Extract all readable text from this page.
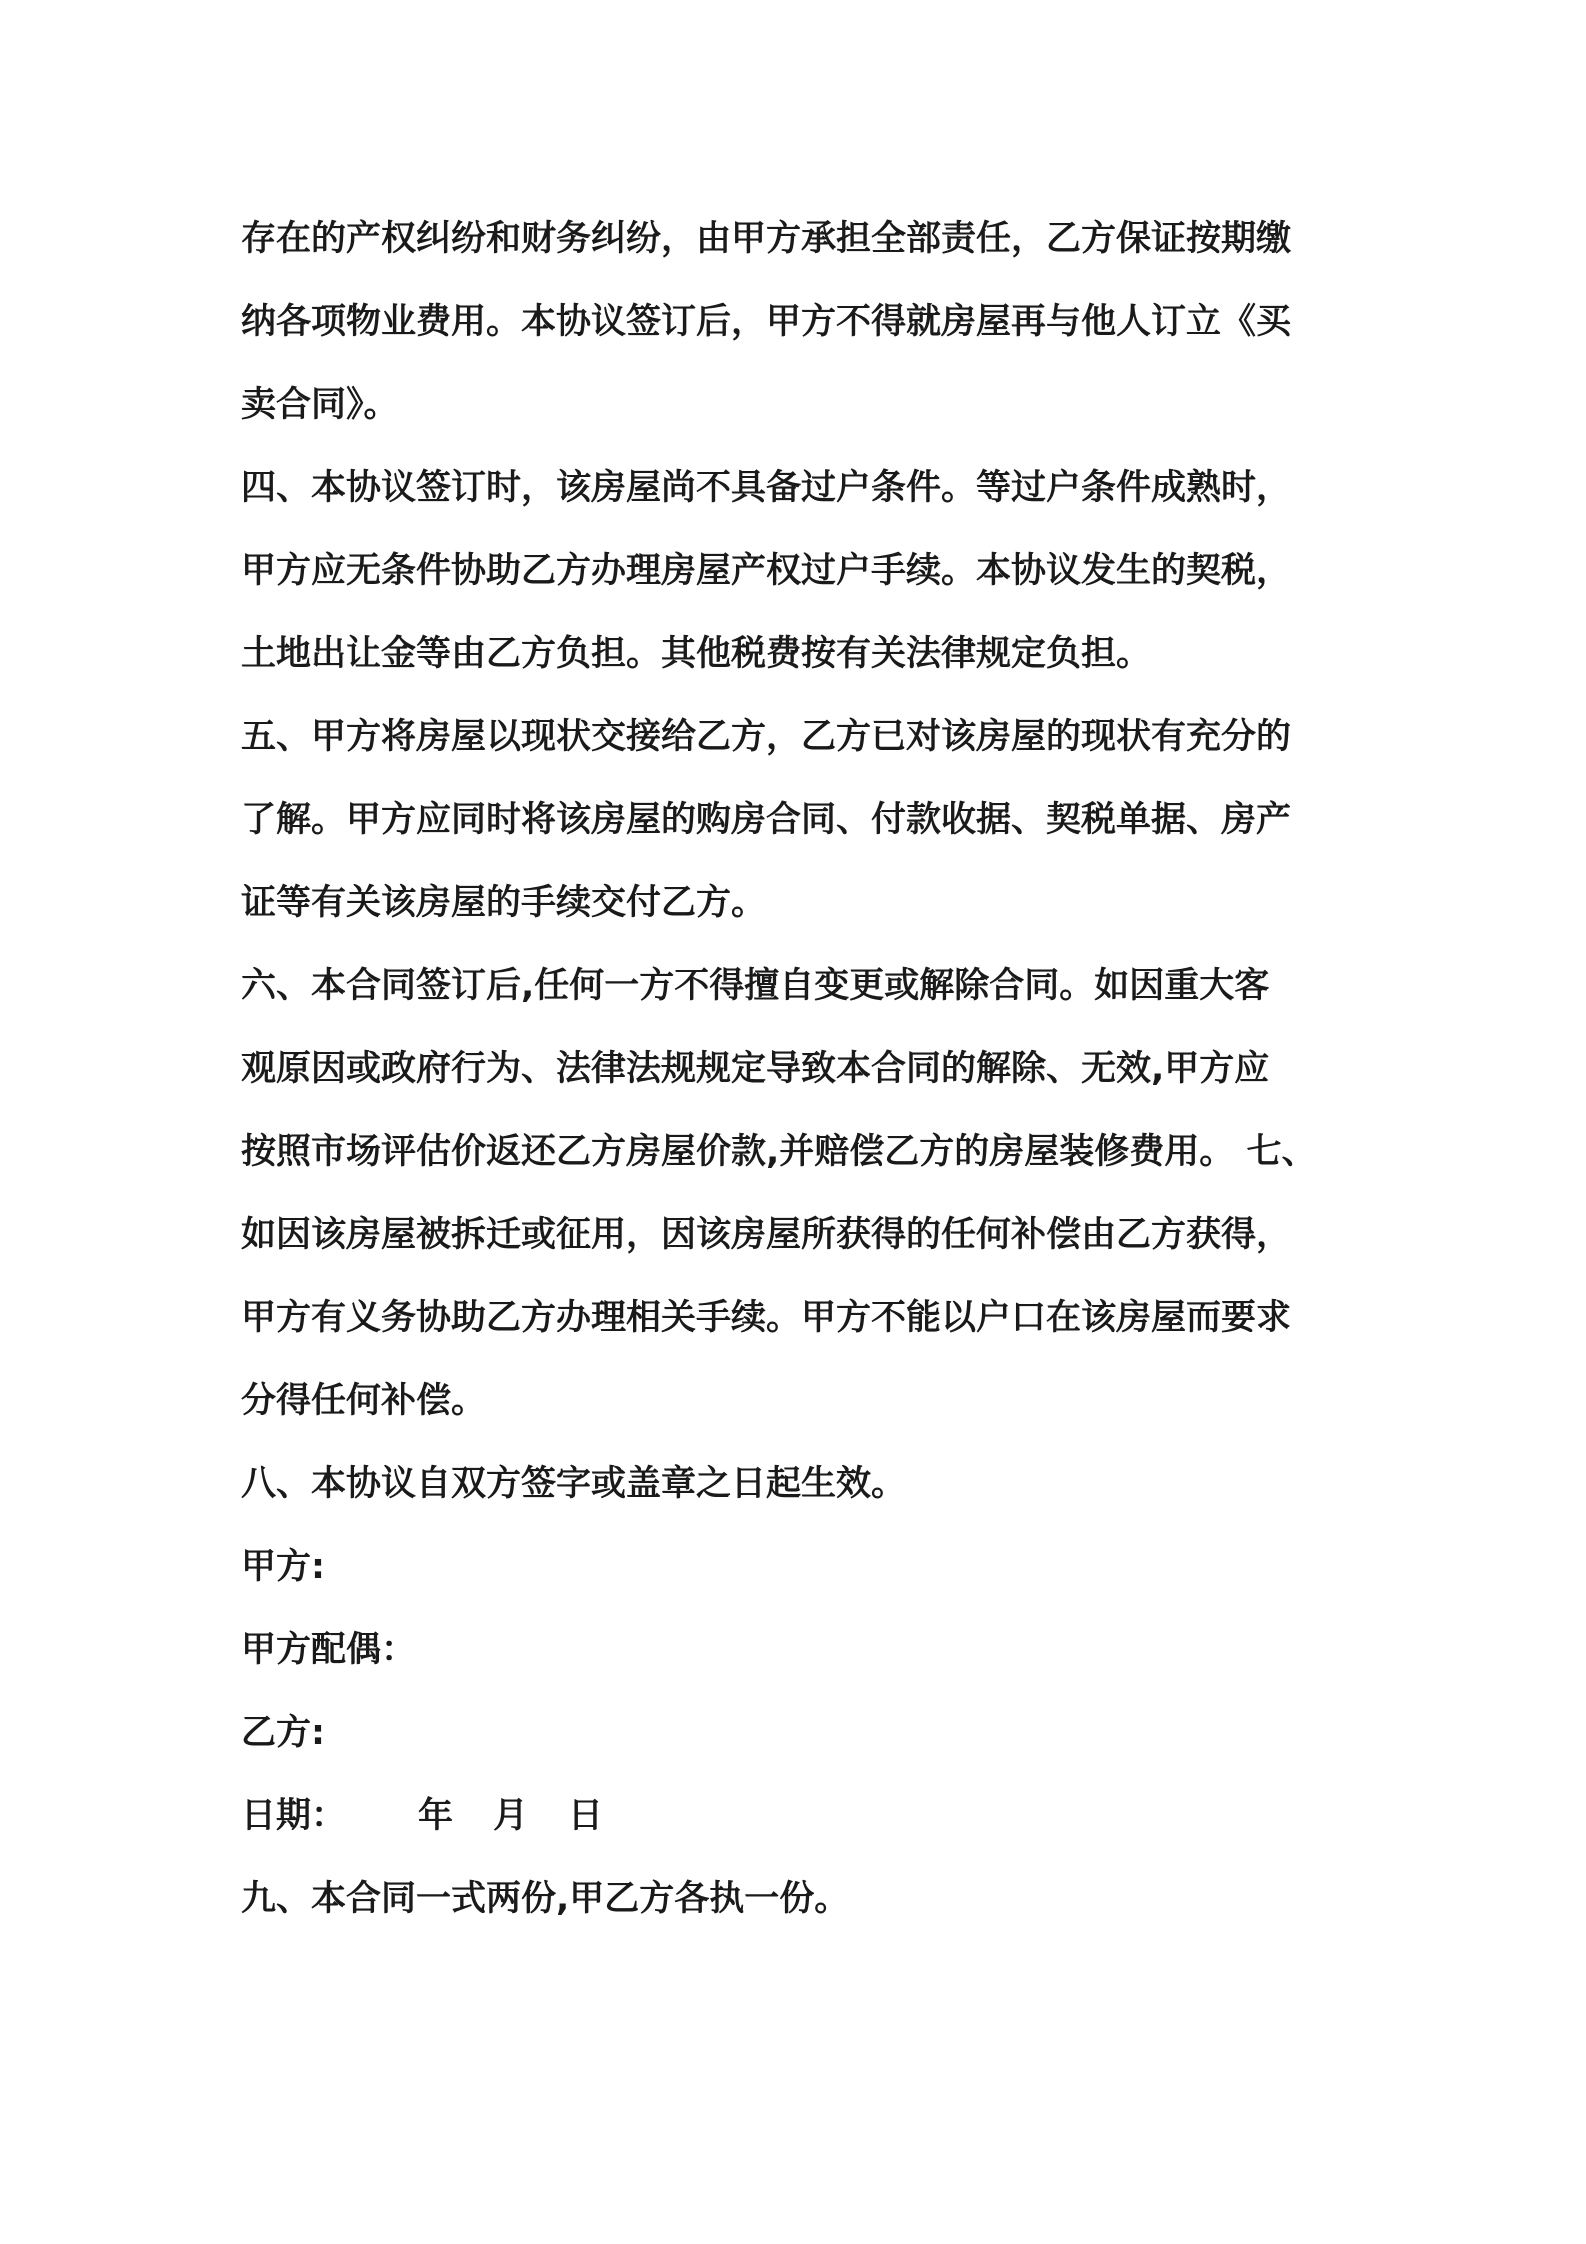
存在的产权纠纷和财务纠纷，由甲方承担全部责任，乙方保证按期缴
纳各项物业费用。本协议签订后，甲方不得就房屋再与他人订立《买
卖合同》。
四、本协议签订时，该房屋尚不具备过户条件。等过户条件成熟时，
甲方应无条件协助乙方办理房屋产权过户手续。本协议发生的契税，
土地出让金等由乙方负担。其他税费按有关法律规定负担。
五、甲方将房屋以现状交接给乙方，乙方已对该房屋的现状有充分的
了解。甲方应同时将该房屋的购房合同、付款收据、契税单据、房产
证等有关该房屋的手续交付乙方。
六、本合同签订后,任何一方不得擅自变更或解除合同。如因重大客
观原因或政府行为、法律法规规定导致本合同的解除、无效,甲方应
按照市场评估价返还乙方房屋价款,并赔偿乙方的房屋装修费用。 七、
如因该房屋被拆迁或征用，因该房屋所获得的任何补偿由乙方获得，
甲方有义务协助乙方办理相关手续。甲方不能以户口在该房屋而要求
分得任何补偿。
八、本协议自双方签字或盖章之日起生效。
甲方:
甲方配偶：
乙方:
日期： 年 月 日
九、本合同一式两份,甲乙方各执一份。
